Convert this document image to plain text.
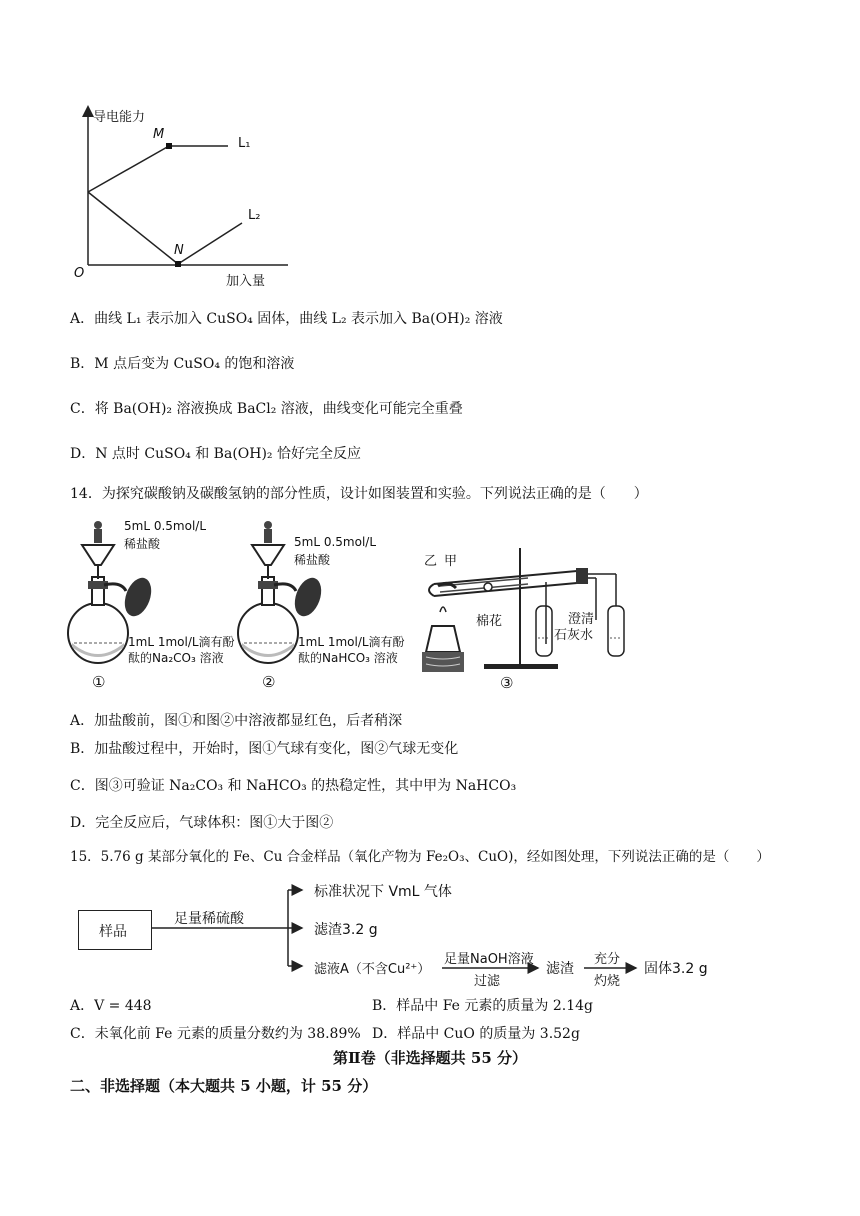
导电能力
加入量
O
M
N
L₁
L₂
A．曲线 L₁ 表示加入 CuSO₄ 固体，曲线 L₂ 表示加入 Ba(OH)₂ 溶液
B．M 点后变为 CuSO₄ 的饱和溶液
C．将 Ba(OH)₂ 溶液换成 BaCl₂ 溶液，曲线变化可能完全重叠
D．N 点时 CuSO₄ 和 Ba(OH)₂ 恰好完全反应
14．为探究碳酸钠及碳酸氢钠的部分性质，设计如图装置和实验。下列说法正确的是（　　）
5mL 0.5mol/L
稀盐酸
1mL 1mol/L滴有酚
酞的Na₂CO₃ 溶液
①
5mL 0.5mol/L
稀盐酸
1mL 1mol/L滴有酚
酞的NaHCO₃ 溶液
②
乙 甲
棉花	澄清
石灰水
③
A．加盐酸前，图①和图②中溶液都显红色，后者稍深
B．加盐酸过程中，开始时，图①气球有变化，图②气球无变化
C．图③可验证 Na₂CO₃ 和 NaHCO₃ 的热稳定性，其中甲为 NaHCO₃
D．完全反应后，气球体积：图①大于图②
15．5.76 g 某部分氧化的 Fe、Cu 合金样品（氧化产物为 Fe₂O₃、CuO)，经如图处理，下列说法正确的是（　　）
样品
足量稀硫酸
标准状况下 VmL 气体
滤渣3.2 g
滤液A（不含Cu²⁺）
足量NaOH溶液
过滤
滤渣
充分
灼烧
固体3.2 g
A．V = 448	B．样品中 Fe 元素的质量为 2.14g
C．未氧化前 Fe 元素的质量分数约为 38.89% D．样品中 CuO 的质量为 3.52g
第Ⅱ卷（非选择题共 55 分）
二、非选择题（本大题共 5 小题，计 55 分）
